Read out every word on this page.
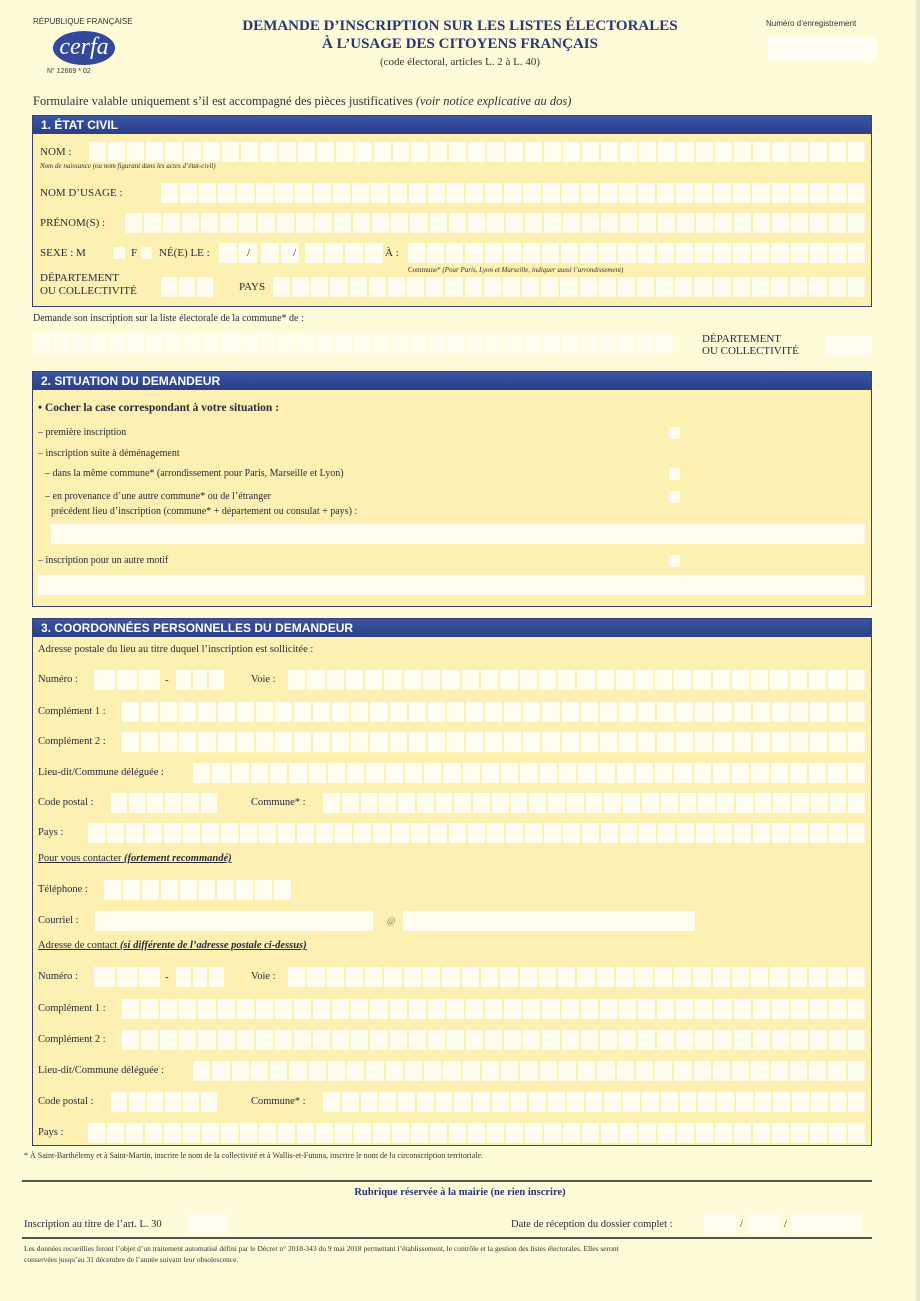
RÉPUBLIQUE FRANÇAISE
cerfa
N° 12669 * 02
DEMANDE D’INSCRIPTION SUR LES LISTES ÉLECTORALES
À L’USAGE DES CITOYENS FRANÇAIS
(code électoral, articles L. 2 à L. 40)
Numéro d’enregistrement
Formulaire valable uniquement s’il est accompagné des pièces justificatives (voir notice explicative au dos)
1. ÉTAT CIVIL
NOM :
Nom de naissance (ou nom figurant dans les actes d’état-civil)
NOM D’USAGE :
PRÉNOM(S) :
SEXE : M	F NÉ(E) LE :	/	/	À :
Commune* (Pour Paris, Lyon et Marseille, indiquer aussi l’arrondissement)
DÉPARTEMENT
OU COLLECTIVITÉ	PAYS
Demande son inscription sur la liste électorale de la commune* de :
DÉPARTEMENT
OU COLLECTIVITÉ
2. SITUATION DU DEMANDEUR
• Cocher la case correspondant à votre situation :
– première inscription
– inscription suite à déménagement
– dans la même commune* (arrondissement pour Paris, Marseille et Lyon)
– en provenance d’une autre commune* ou de l’étranger
précédent lieu d’inscription (commune* + département ou consulat + pays) :
– inscription pour un autre motif
3. COORDONNÉES PERSONNELLES DU DEMANDEUR
Adresse postale du lieu au titre duquel l’inscription est sollicitée :
Numéro :	-	Voie :
Complément 1 :
Complément 2 :
Lieu-dit/Commune déléguée :
Code postal :	Commune* :
Pays :
Pour vous contacter (fortement recommandé)
Téléphone :
Courriel :	@
Adresse de contact (si différente de l’adresse postale ci-dessus)
Numéro :	-	Voie :
Complément 1 :
Complément 2 :
Lieu-dit/Commune déléguée :
Code postal :	Commune* :
Pays :
* À Saint-Barthélemy et à Saint-Martin, inscrire le nom de la collectivité et à Wallis-et-Futuna, inscrire le nom de la circonscription territoriale.
Rubrique réservée à la mairie (ne rien inscrire)
Inscription au titre de l’art. L. 30	Date de réception du dossier complet :	/	/
Les données recueillies feront l’objet d’un traitement automatisé défini par le Décret n° 2018-343 du 9 mai 2018 permettant l’établissement, le contrôle et la gestion des listes électorales. Elles seront
conservées jusqu’au 31 décembre de l’année suivant leur obsolescence.
